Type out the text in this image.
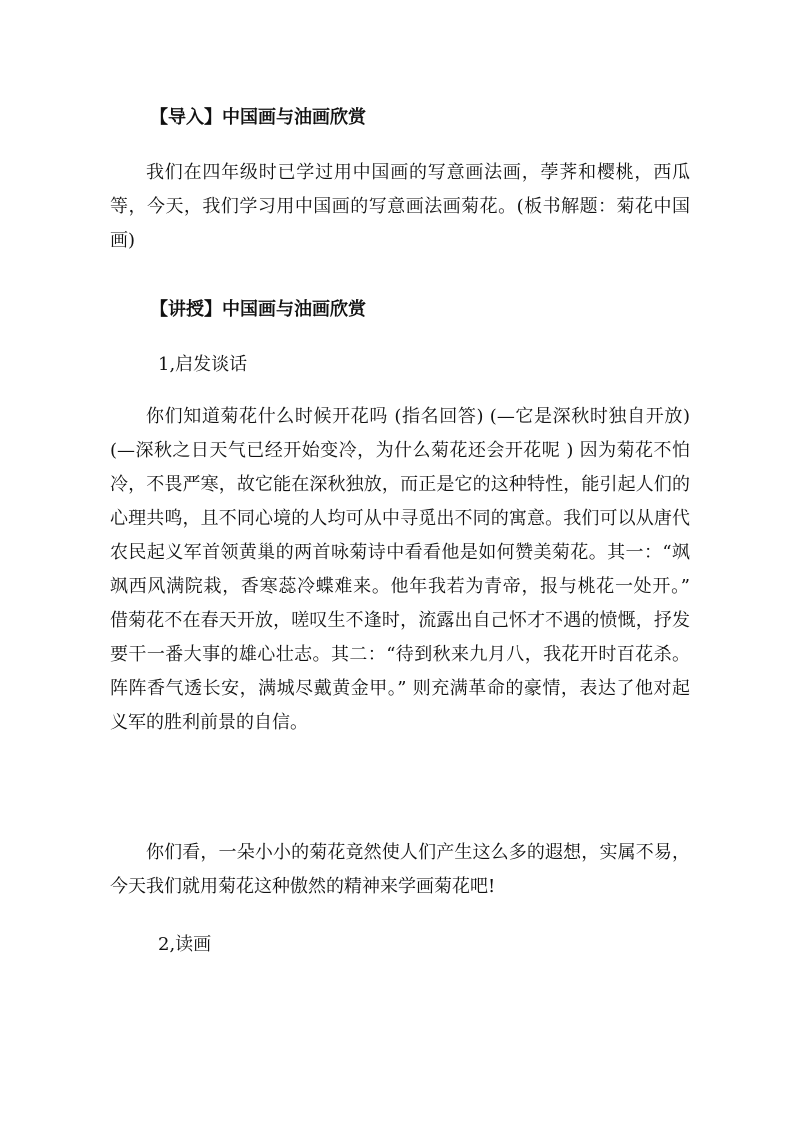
【导入】中国画与油画欣赏

我们在四年级时已学过用中国画的写意画法画，荸荠和樱桃，西瓜等，今天，我们学习用中国画的写意画法画菊花。(板书解题：菊花中国画)

【讲授】中国画与油画欣赏

1,启发谈话

你们知道菊花什么时候开花吗 (指名回答) (—它是深秋时独自开放) (—深秋之日天气已经开始变冷，为什么菊花还会开花呢 ) 因为菊花不怕冷，不畏严寒，故它能在深秋独放，而正是它的这种特性，能引起人们的心理共鸣，且不同心境的人均可从中寻觅出不同的寓意。我们可以从唐代农民起义军首领黄巢的两首咏菊诗中看看他是如何赞美菊花。其一：“飒飒西风满院栽，香寒蕊冷蝶难来。他年我若为青帝，报与桃花一处开。” 借菊花不在春天开放，嗟叹生不逢时，流露出自己怀才不遇的愤慨，抒发要干一番大事的雄心壮志。其二：“待到秋来九月八，我花开时百花杀。阵阵香气透长安，满城尽戴黄金甲。” 则充满革命的豪情，表达了他对起义军的胜利前景的自信。

你们看，一朵小小的菊花竟然使人们产生这么多的遐想，实属不易，今天我们就用菊花这种傲然的精神来学画菊花吧!

2,读画
